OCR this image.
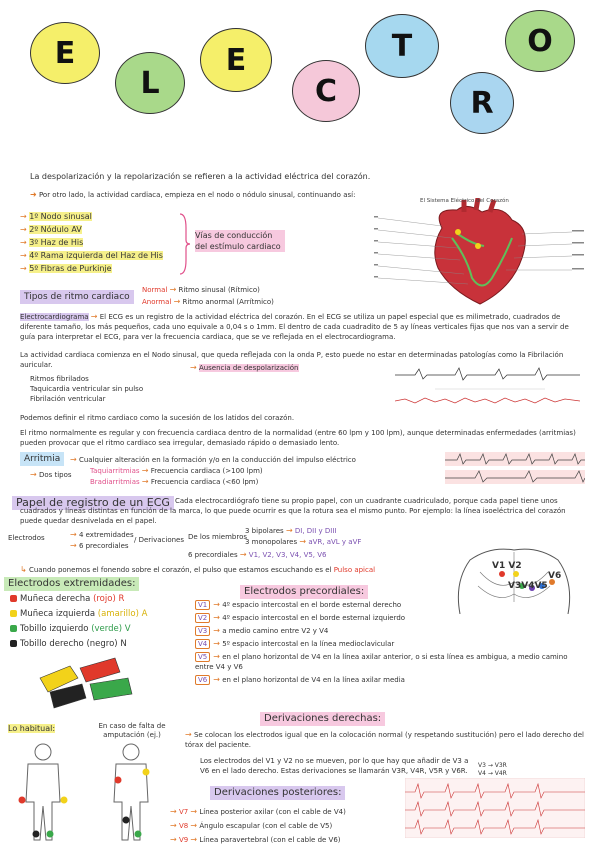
E
L
E
C
T
R
O
La despolarización y la repolarización se refieren a la actividad eléctrica del corazón.
➜ Por otro lado, la actividad cardiaca, empieza en el nodo o nódulo sinusal, continuando así:
→ 1º Nodo sinusal
→ 2º Nódulo AV
→ 3º Haz de His
→ 4º Rama izquierda del Haz de His
→ 5º Fibras de Purkinje
Vías de conducción del estímulo cardiaco
El Sistema Eléctrico del Corazón
Tipos de ritmo cardiaco
Normal → Ritmo sinusal (Rítmico)
Anormal → Ritmo anormal (Arrítmico)
Electrocardiograma → El ECG es un registro de la actividad eléctrica del corazón. En el ECG se utiliza un papel especial que es milimetrado, cuadrados de diferente tamaño, los más pequeños, cada uno equivale a 0,04 s o 1mm. El dentro de cada cuadradito de 5 ay líneas verticales fijas que nos van a servir de guía para interpretar el ECG, para ver la frecuencia cardiaca, que se ve reflejada en el electrocardiograma.
La actividad cardiaca comienza en el Nodo sinusal, que queda reflejada con la onda P, esto puede no estar en determinadas patologías como la Fibrilación auricular.	→ Ausencia de despolarización
Ritmos fibrilados
Taquicardia ventricular sin pulso
Fibrilación ventricular
Podemos definir el ritmo cardiaco como la sucesión de los latidos del corazón.
El ritmo normalmente es regular y con frecuencia cardiaca dentro de la normalidad (entre 60 lpm y 100 lpm), aunque determinadas enfermedades (arritmias) pueden provocar que el ritmo cardiaco sea irregular, demasiado rápido o demasiado lento.
Arritmia	→ Cualquier alteración en la formación y/o en la conducción del impulso eléctrico
→ Dos tipos	Taquiarritmias → Frecuencia cardiaca (>100 lpm)
Bradiarritmias → Frecuencia cardiaca (<60 lpm)
Papel de registro de un ECG Cada electrocardiógrafo tiene su propio papel, con un cuadrante cuadriculado, porque cada papel tiene unos cuadrados y líneas distintas en función de la marca, lo que puede ocurrir es que la rotura sea el mismo punto. Por ejemplo: la línea isoeléctrica del corazón puede quedar desnivelada en el papel.
Electrodos	→ 4 extremidades
→ 6 precordiales
/ Derivaciones De los miembros
3 bipolares → DI, DII y DIII
3 monopolares → aVR, aVL y aVF
6 precordiales → V1, V2, V3, V4, V5, V6
↳ Cuando ponemos el fonendo sobre el corazón, el pulso que estamos escuchando es el Pulso apical	V1 V2
V6
V3V4V5
Electrodos extremidades:
Muñeca derecha (rojo) R
Muñeca izquierda (amarillo) A
Tobillo izquierdo (verde) V
Tobillo derecho (negro) N
Electrodos precordiales:
V1 → 4º espacio intercostal en el borde esternal derecho
V2 → 4º espacio intercostal en el borde esternal izquierdo
V3 → a medio camino entre V2 y V4
V4 → 5º espacio intercostal en la línea medioclavicular
V5 → en el plano horizontal de V4 en la línea axilar anterior, o si esta línea es ambigua, a medio camino entre V4 y V6
V6 → en el plano horizontal de V4 en la línea axilar media
Lo habitual:	En caso de falta de amputación (ej.)
Derivaciones derechas:
→ Se colocan los electrodos igual que en la colocación normal (y respetando sustitución) pero el lado derecho del tórax del paciente.
Los electrodos del V1 y V2 no se mueven, por lo que hay que añadir de V3 a V6 en el lado derecho. Estas derivaciones se llamarán V3R, V4R, V5R y V6R.
V3 → V3R
V4 → V4R
Derivaciones posteriores:
→ V7 → Línea posterior axilar (con el cable de V4)
→ V8 → Ángulo escapular (con el cable de V5)
→ V9 → Línea paravertebral (con el cable de V6)
